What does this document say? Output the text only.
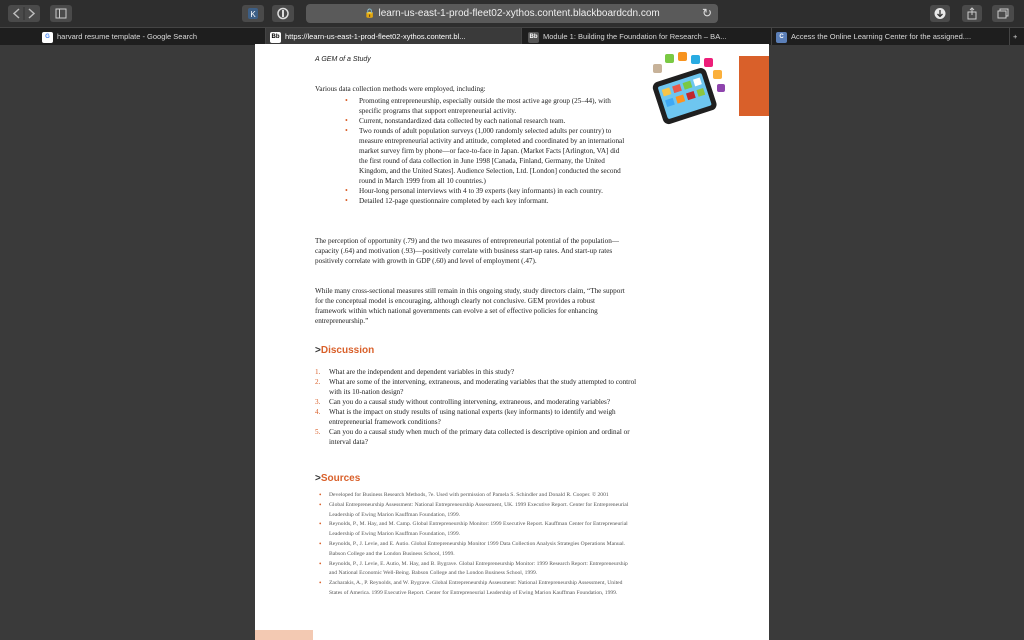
K	🔒 learn-us-east-1-prod-fleet02-xythos.content.blackboardcdn.com	↻
G harvard resume template - Google Search	Bb https://learn-us-east-1-prod-fleet02-xythos.content.bl...	Bb Module 1: Building the Foundation for Research – BA...	C Access the Online Learning Center for the assigned....	+
A GEM of a Study
Various data collection methods were employed, including:
• Promoting entrepreneurship, especially outside the most active age group (25–44), with specific programs that support entrepreneurial activity.
• Current, nonstandardized data collected by each national research team.
• Two rounds of adult population surveys (1,000 randomly selected adults per country) to measure entrepreneurial activity and attitude, completed and coordinated by an international market survey firm by phone—or face-to-face in Japan. (Market Facts [Arlington, VA] did the first round of data collection in June 1998 [Canada, Finland, Germany, the United Kingdom, and the United States]. Audience Selection, Ltd. [London] conducted the second round in March 1999 from all 10 countries.)
• Hour-long personal interviews with 4 to 39 experts (key informants) in each country.
• Detailed 12-page questionnaire completed by each key informant.
The perception of opportunity (.79) and the two measures of entrepreneurial potential of the population—capacity (.64) and motivation (.93)—positively correlate with business start-up rates. And start-up rates positively correlate with growth in GDP (.60) and level of employment (.47).
While many cross-sectional measures still remain in this ongoing study, study directors claim, “The support for the conceptual model is encouraging, although clearly not conclusive. GEM provides a robust framework within which national governments can evolve a set of effective policies for enhancing entrepreneurship.”
>Discussion
1. What are the independent and dependent variables in this study?
2. What are some of the intervening, extraneous, and moderating variables that the study attempted to control with its 10-nation design?
3. Can you do a causal study without controlling intervening, extraneous, and moderating variables?
4. What is the impact on study results of using national experts (key informants) to identify and weigh entrepreneurial framework conditions?
5. Can you do a causal study when much of the primary data collected is descriptive opinion and ordinal or interval data?
>Sources
• Developed for Business Research Methods, 7e. Used with permission of Pamela S. Schindler and Donald R. Cooper. © 2001
• Global Entrepreneurship Assessment: National Entrepreneurship Assessment, UK. 1999 Executive Report. Center for Entrepreneurial Leadership of Ewing Marion Kauffman Foundation, 1999.
• Reynolds, P., M. Hay, and M. Camp. Global Entrepreneurship Monitor: 1999 Executive Report. Kauffman Center for Entrepreneurial Leadership of Ewing Marion Kauffman Foundation, 1999.
• Reynolds, P., J. Levie, and E. Autio. Global Entrepreneurship Monitor 1999 Data Collection Analysis Strategies Operations Manual. Babson College and the London Business School, 1999.
• Reynolds, P., J. Levie, E. Autio, M. Hay, and B. Bygrave. Global Entrepreneurship Monitor: 1999 Research Report: Entrepreneurship and National Economic Well-Being. Babson College and the London Business School, 1999.
• Zacharakis, A., P. Reynolds, and W. Bygrave. Global Entrepreneurship Assessment: National Entrepreneurship Assessment, United States of America. 1999 Executive Report. Center for Entrepreneurial Leadership of Ewing Marion Kauffman Foundation, 1999.
